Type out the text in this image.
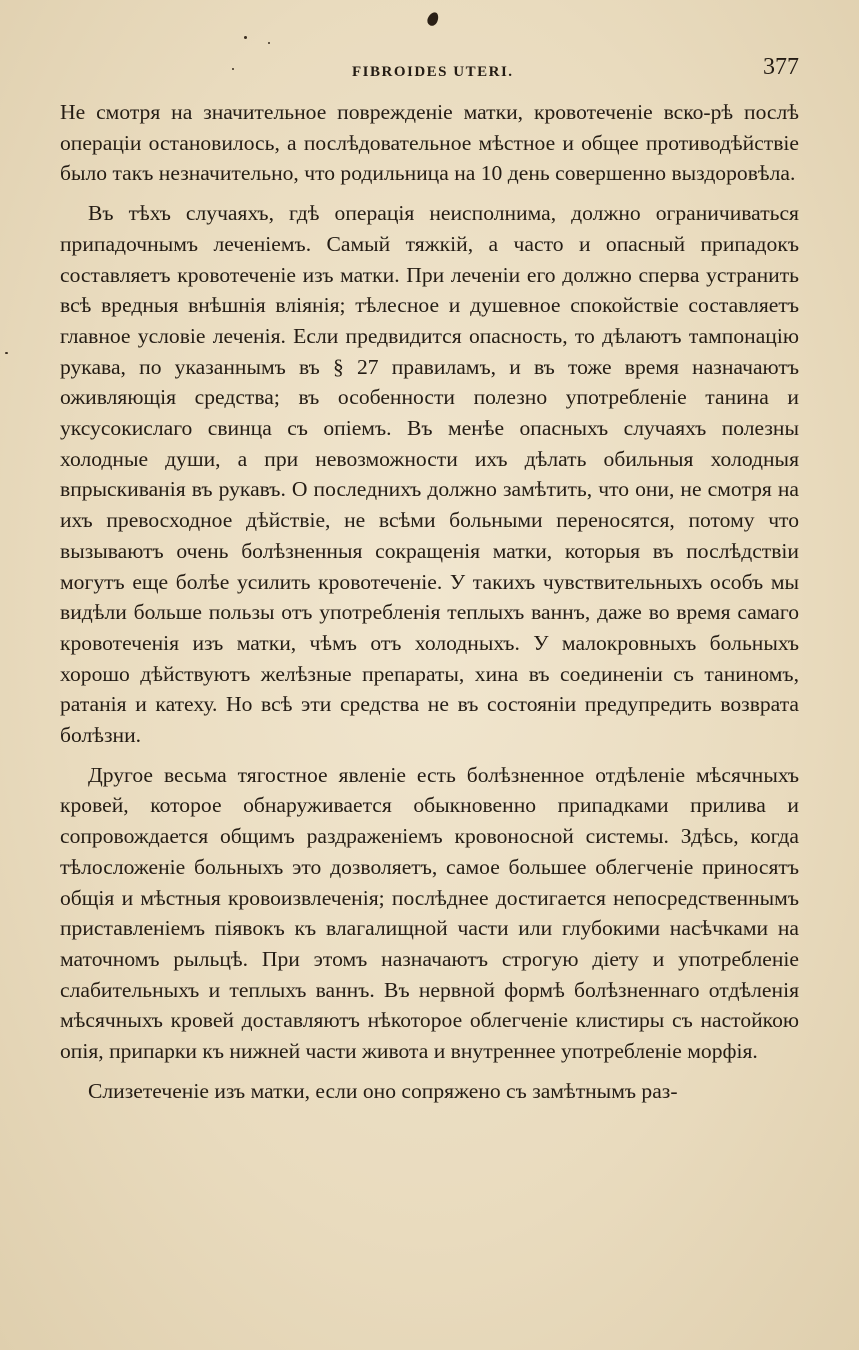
FIBROIDES UTERI.	377

Не смотря на значительное поврежденіе матки, кровотеченіе вско-рѣ послѣ операціи остановилось, а послѣдовательное мѣстное и общее противодѣйствіе было такъ незначительно, что родильница на 10 день совершенно выздоровѣла.

Въ тѣхъ случаяхъ, гдѣ операція неисполнима, должно ограничиваться припадочнымъ леченіемъ. Самый тяжкій, а часто и опасный припадокъ составляетъ кровотеченіе изъ матки. При леченіи его должно сперва устранить всѣ вредныя внѣшнія вліянія; тѣлесное и душевное спокойствіе составляетъ главное условіе леченія. Если предвидится опасность, то дѣлаютъ тампонацію рукава, по указаннымъ въ § 27 правиламъ, и въ тоже время назначаютъ оживляющія средства; въ особенности полезно употребленіе танина и уксусокислаго свинца съ опіемъ. Въ менѣе опасныхъ случаяхъ полезны холодные души, а при невозможности ихъ дѣлать обильныя холодныя впрыскиванія въ рукавъ. О последнихъ должно замѣтить, что они, не смотря на ихъ превосходное дѣйствіе, не всѣми больными переносятся, потому что вызываютъ очень болѣзненныя сокращенія матки, которыя въ послѣдствіи могутъ еще болѣе усилить кровотеченіе. У такихъ чувствительныхъ особъ мы видѣли больше пользы отъ употребленія теплыхъ ваннъ, даже во время самаго кровотеченія изъ матки, чѣмъ отъ холодныхъ. У малокровныхъ больныхъ хорошо дѣйствуютъ желѣзные препараты, хина въ соединеніи съ таниномъ, ратанія и катеху. Но всѣ эти средства не въ состояніи предупредить возврата болѣзни.

Другое весьма тягостное явленіе есть болѣзненное отдѣленіе мѣсячныхъ кровей, которое обнаруживается обыкновенно припадками прилива и сопровождается общимъ раздраженіемъ кровоносной системы. Здѣсь, когда тѣлосложеніе больныхъ это дозволяетъ, самое большее облегченіе приносятъ общія и мѣстныя кровоизвлеченія; послѣднее достигается непосредственнымъ приставленіемъ піявокъ къ влагалищной части или глубокими насѣчками на маточномъ рыльцѣ. При этомъ назначаютъ строгую діету и употребленіе слабительныхъ и теплыхъ ваннъ. Въ нервной формѣ болѣзненнаго отдѣленія мѣсячныхъ кровей доставляютъ нѣкоторое облегченіе клистиры съ настойкою опія, припарки къ нижней части живота и внутреннее употребленіе морфія.

Слизетеченіе изъ матки, если оно сопряжено съ замѣтнымъ раз-
